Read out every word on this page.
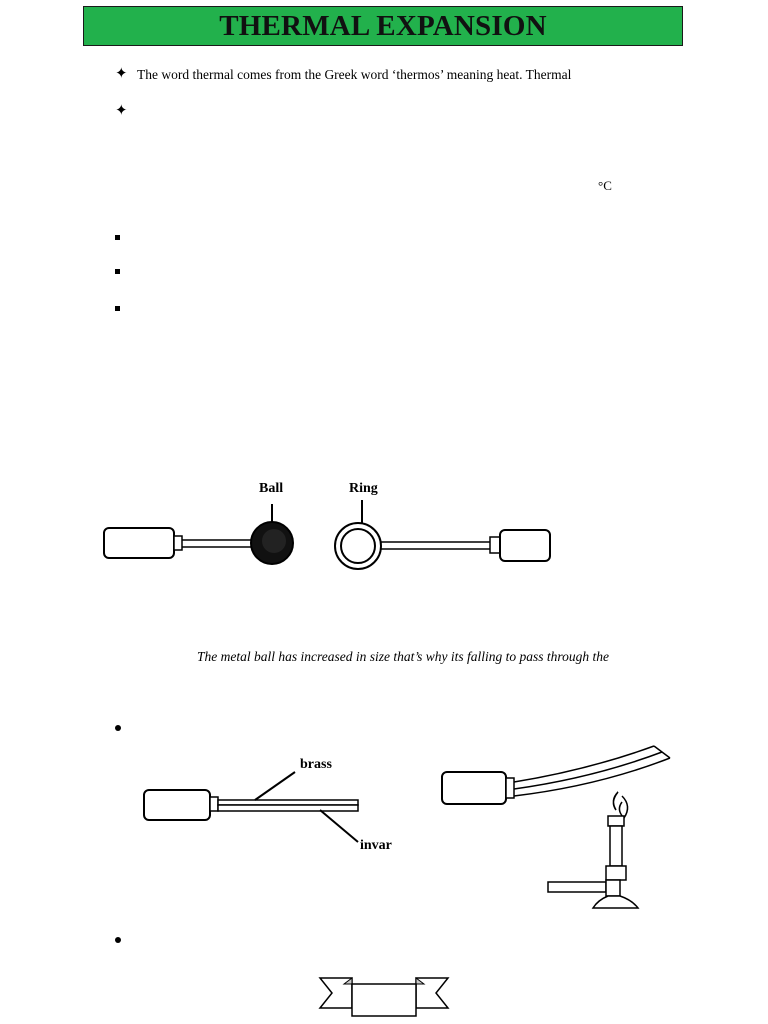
THERMAL EXPANSION
✦ The word thermal comes from the Greek word ‘thermos’ meaning heat. Thermal
✦
°C
Ball	Ring
The metal ball has increased in size that’s why its falling to pass through the
brass
invar
